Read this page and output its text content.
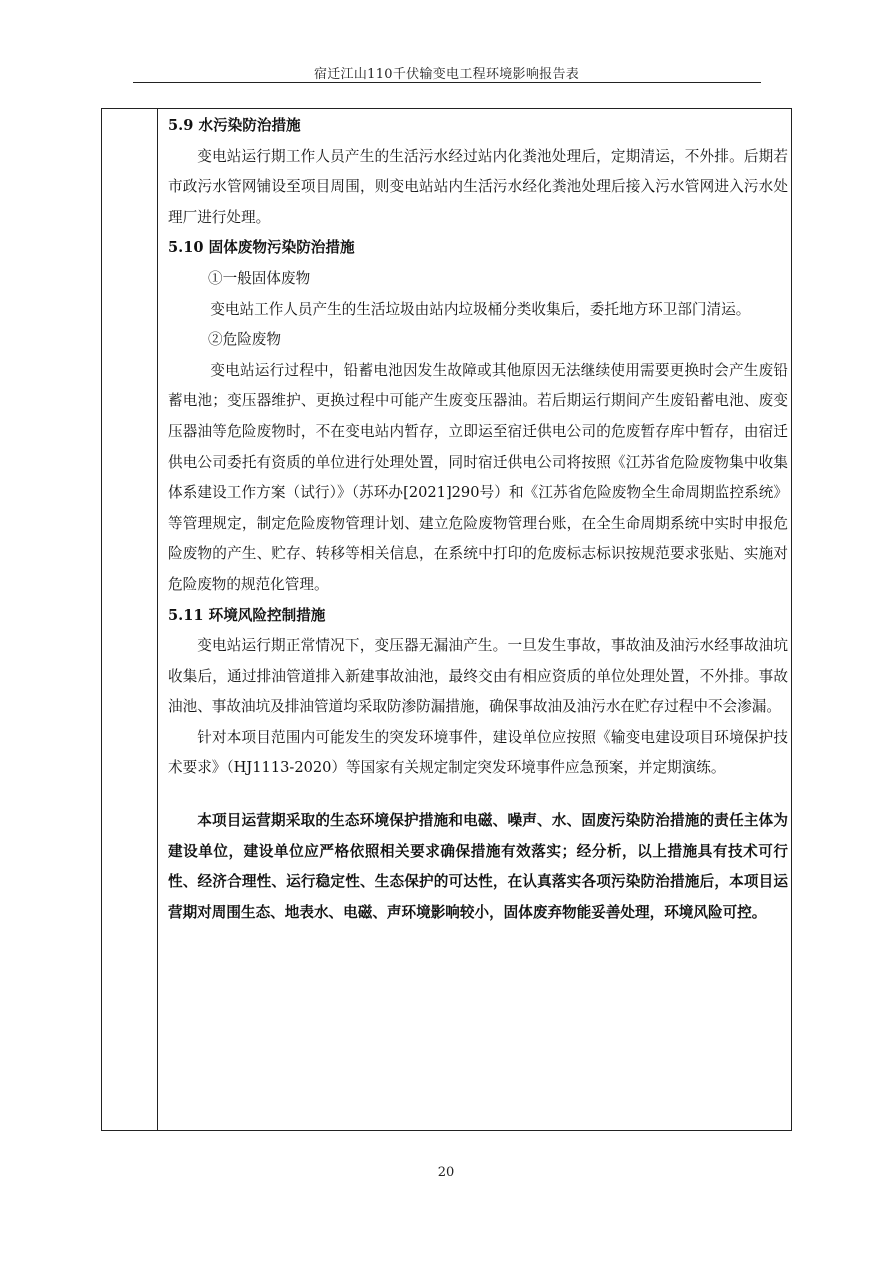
宿迁江山110千伏输变电工程环境影响报告表

5.9 水污染防治措施

变电站运行期工作人员产生的生活污水经过站内化粪池处理后，定期清运，不外排。后期若市政污水管网铺设至项目周围，则变电站站内生活污水经化粪池处理后接入污水管网进入污水处理厂进行处理。

5.10 固体废物污染防治措施

①一般固体废物

变电站工作人员产生的生活垃圾由站内垃圾桶分类收集后，委托地方环卫部门清运。

②危险废物

变电站运行过程中，铅蓄电池因发生故障或其他原因无法继续使用需要更换时会产生废铅蓄电池；变压器维护、更换过程中可能产生废变压器油。若后期运行期间产生废铅蓄电池、废变压器油等危险废物时，不在变电站内暂存，立即运至宿迁供电公司的危废暂存库中暂存，由宿迁供电公司委托有资质的单位进行处理处置，同时宿迁供电公司将按照《江苏省危险废物集中收集体系建设工作方案（试行）》（苏环办[2021]290号）和《江苏省危险废物全生命周期监控系统》等管理规定，制定危险废物管理计划、建立危险废物管理台账，在全生命周期系统中实时申报危险废物的产生、贮存、转移等相关信息，在系统中打印的危废标志标识按规范要求张贴、实施对危险废物的规范化管理。

5.11 环境风险控制措施

变电站运行期正常情况下，变压器无漏油产生。一旦发生事故，事故油及油污水经事故油坑收集后，通过排油管道排入新建事故油池，最终交由有相应资质的单位处理处置，不外排。事故油池、事故油坑及排油管道均采取防渗防漏措施，确保事故油及油污水在贮存过程中不会渗漏。

针对本项目范围内可能发生的突发环境事件，建设单位应按照《输变电建设项目环境保护技术要求》（HJ1113-2020）等国家有关规定制定突发环境事件应急预案，并定期演练。

本项目运营期采取的生态环境保护措施和电磁、噪声、水、固废污染防治措施的责任主体为建设单位，建设单位应严格依照相关要求确保措施有效落实；经分析，以上措施具有技术可行性、经济合理性、运行稳定性、生态保护的可达性，在认真落实各项污染防治措施后，本项目运营期对周围生态、地表水、电磁、声环境影响较小，固体废弃物能妥善处理，环境风险可控。

20
